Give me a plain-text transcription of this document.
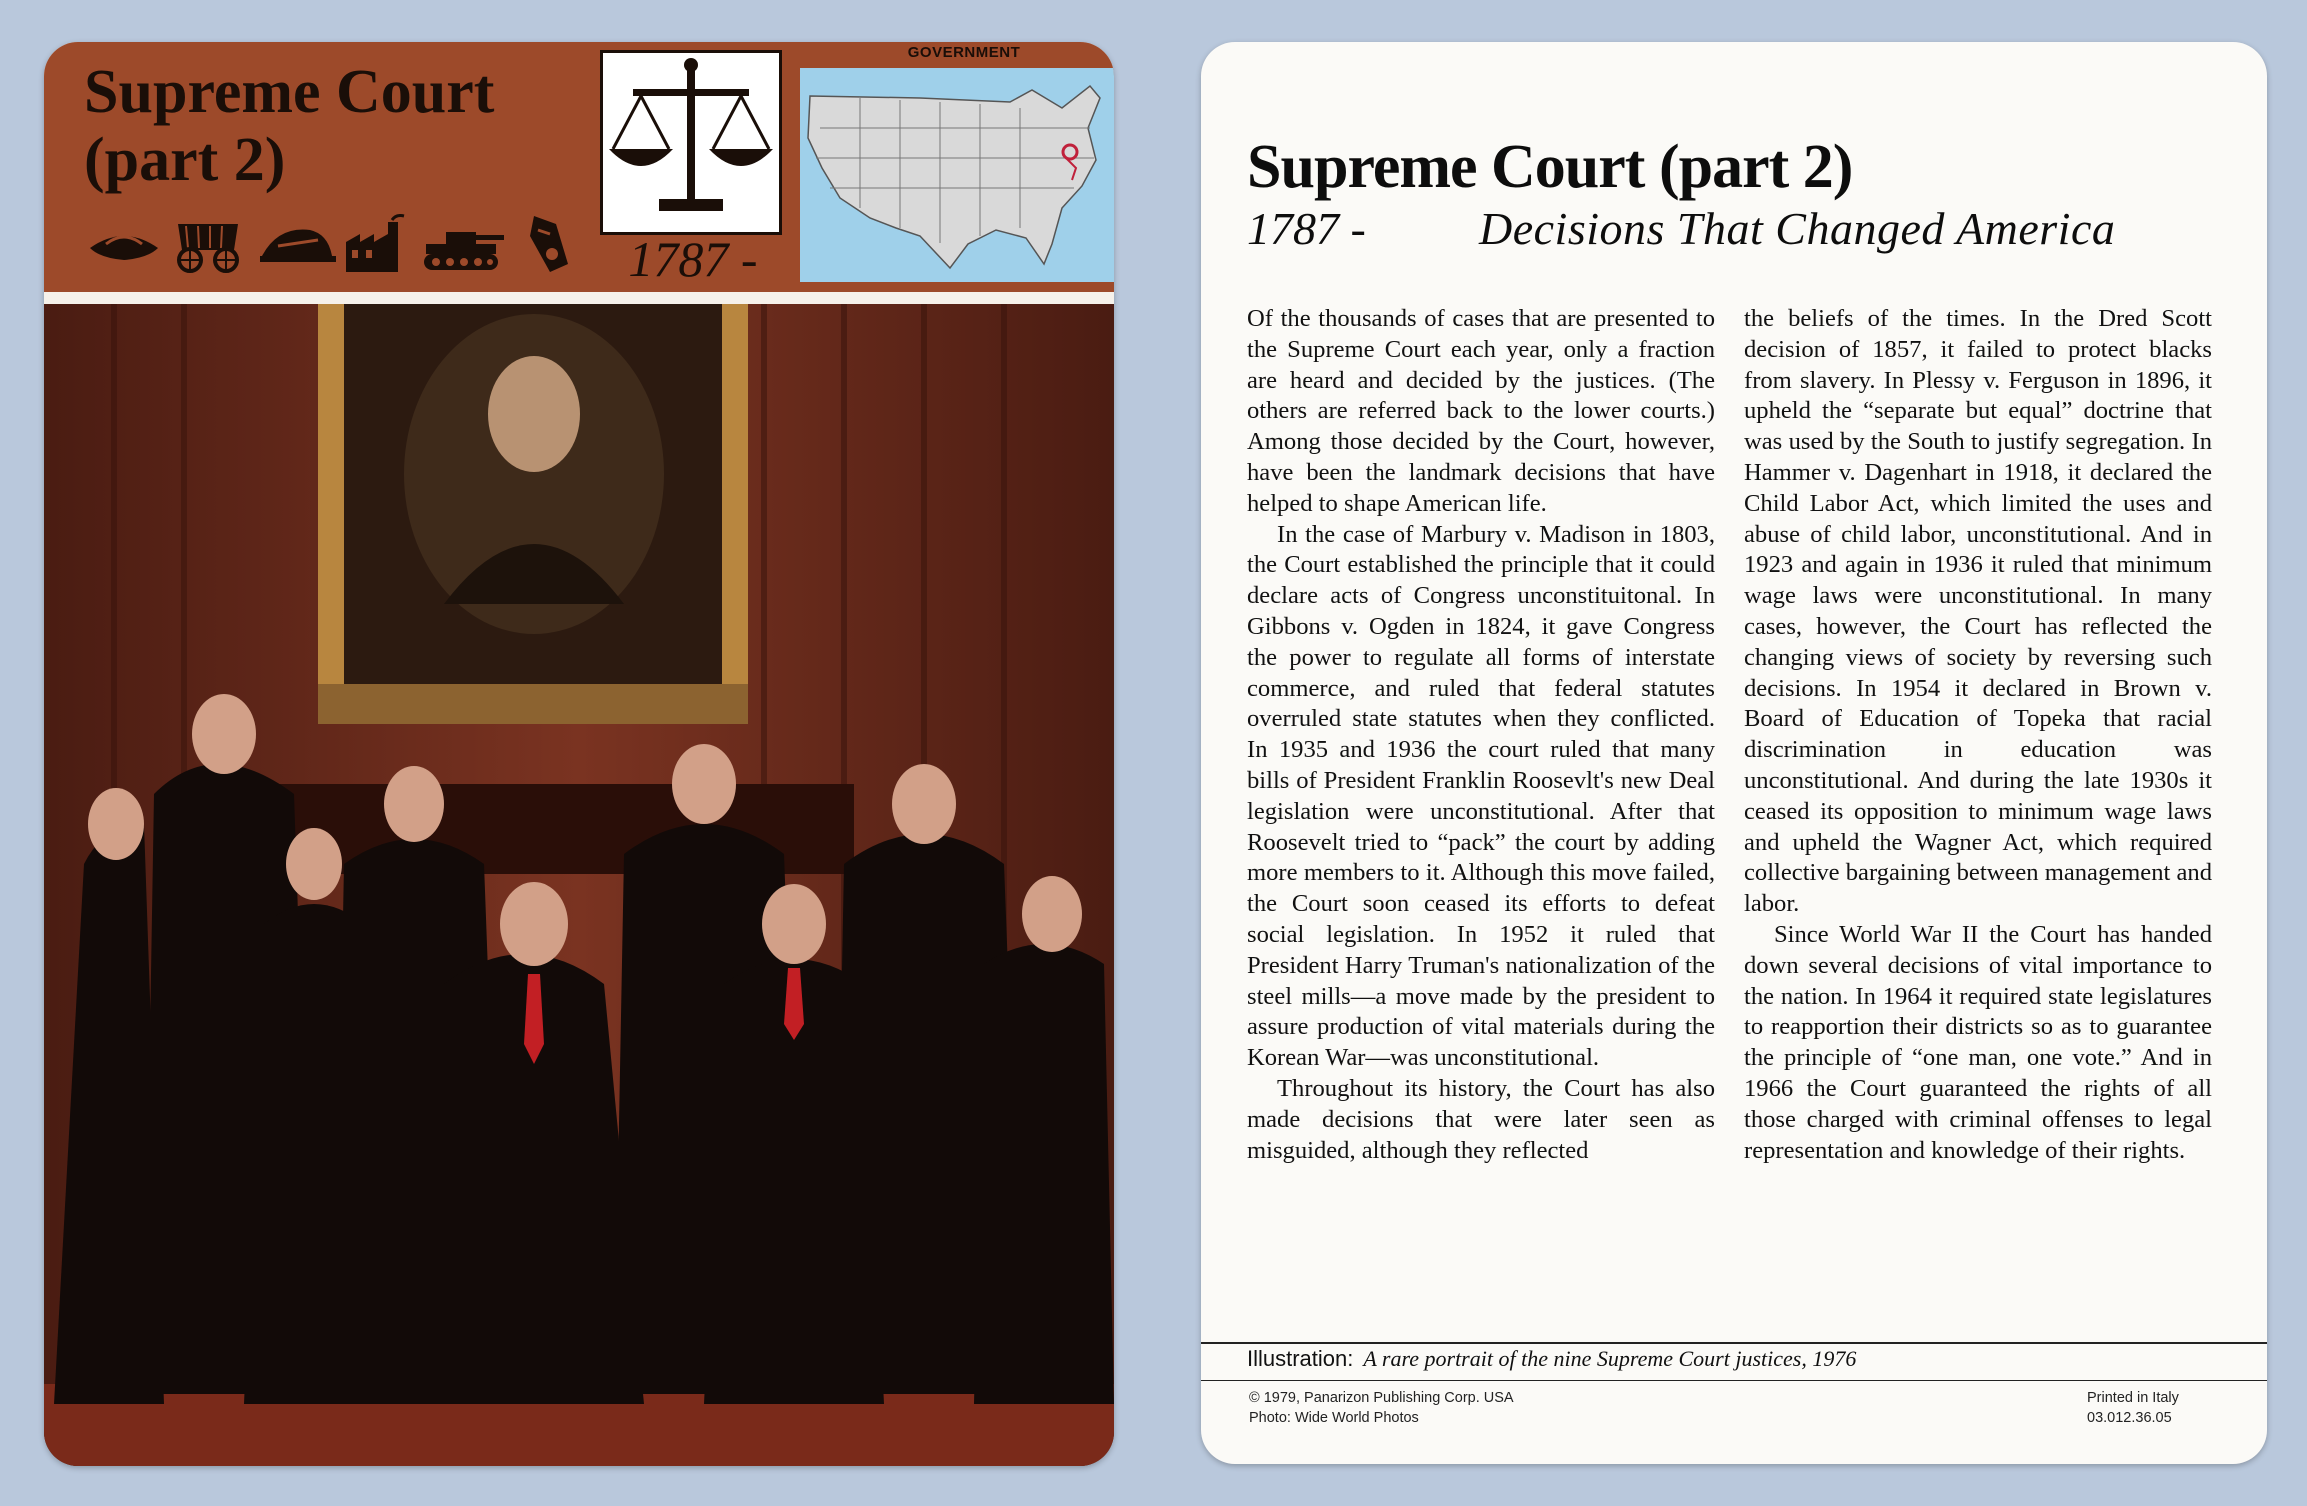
Supreme Court
(part 2)
1787 -
GOVERNMENT
Supreme Court (part 2)
1787 -	Decisions That Changed America

Of the thousands of cases that are presented to the Supreme Court each year, only a fraction are heard and decided by the justices. (The others are referred back to the lower courts.) Among those decided by the Court, however, have been the landmark decisions that have helped to shape American life.

In the case of Marbury v. Madison in 1803, the Court established the principle that it could declare acts of Congress unconstituitonal. In Gibbons v. Ogden in 1824, it gave Congress the power to regulate all forms of interstate commerce, and ruled that federal statutes overruled state statutes when they conflicted. In 1935 and 1936 the court ruled that many bills of President Franklin Roosevlt's new Deal legislation were unconstitutional. After that Roosevelt tried to “pack” the court by adding more members to it. Although this move failed, the Court soon ceased its efforts to defeat social legislation. In 1952 it ruled that President Harry Truman's nationalization of the steel mills—a move made by the president to assure production of vital materials during the Korean War—was unconstitutional.

Throughout its history, the Court has also made decisions that were later seen as misguided, although they reflected

the beliefs of the times. In the Dred Scott decision of 1857, it failed to protect blacks from slavery. In Plessy v. Ferguson in 1896, it upheld the “separate but equal” doctrine that was used by the South to justify segregation. In Hammer v. Dagenhart in 1918, it declared the Child Labor Act, which limited the uses and abuse of child labor, unconstitutional. And in 1923 and again in 1936 it ruled that minimum wage laws were unconstitutional. In many cases, however, the Court has reflected the changing views of society by reversing such decisions. In 1954 it declared in Brown v. Board of Education of Topeka that racial discrimination in education was unconstitutional. And during the late 1930s it ceased its opposition to minimum wage laws and upheld the Wagner Act, which required collective bargaining between management and labor.

Since World War II the Court has handed down several decisions of vital importance to the nation. In 1964 it required state legislatures to reapportion their districts so as to guarantee the principle of “one man, one vote.” And in 1966 the Court guaranteed the rights of all those charged with criminal offenses to legal representation and knowledge of their rights.

Illustration: A rare portrait of the nine Supreme Court justices, 1976
© 1979, Panarizon Publishing Corp. USA
Photo: Wide World Photos
Printed in Italy
03.012.36.05
